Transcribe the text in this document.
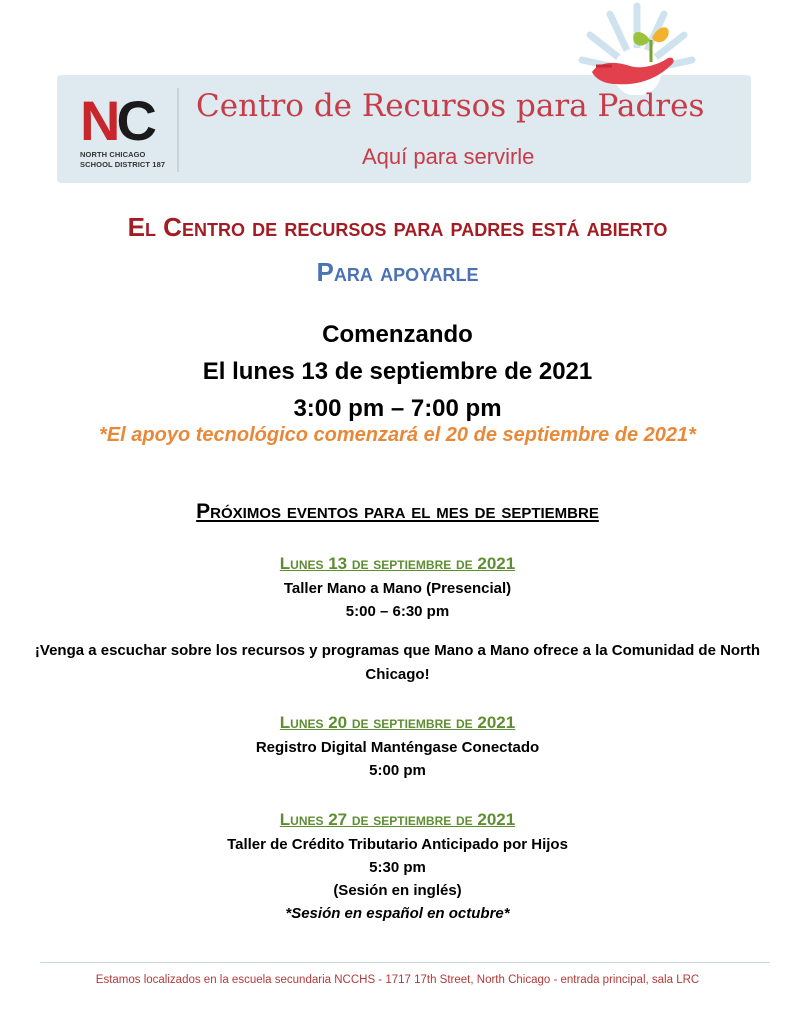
NC
NORTH CHICAGO
SCHOOL DISTRICT 187
Centro de Recursos para Padres
Aquí para servirle
El Centro de recursos para padres está abierto
Para apoyarle
Comenzando
El lunes 13 de septiembre de 2021
3:00 pm – 7:00 pm
*El apoyo tecnológico comenzará el 20 de septiembre de 2021*
Próximos eventos para el mes de septiembre
Lunes 13 de septiembre de 2021
Taller Mano a Mano (Presencial)
5:00 – 6:30 pm
¡Venga a escuchar sobre los recursos y programas que Mano a Mano ofrece a la Comunidad de North Chicago!
Lunes 20 de septiembre de 2021
Registro Digital Manténgase Conectado
5:00 pm
Lunes 27 de septiembre de 2021
Taller de Crédito Tributario Anticipado por Hijos
5:30 pm
(Sesión en inglés)
*Sesión en español en octubre*
Estamos localizados en la escuela secundaria NCCHS - 1717 17th Street, North Chicago - entrada principal, sala LRC
